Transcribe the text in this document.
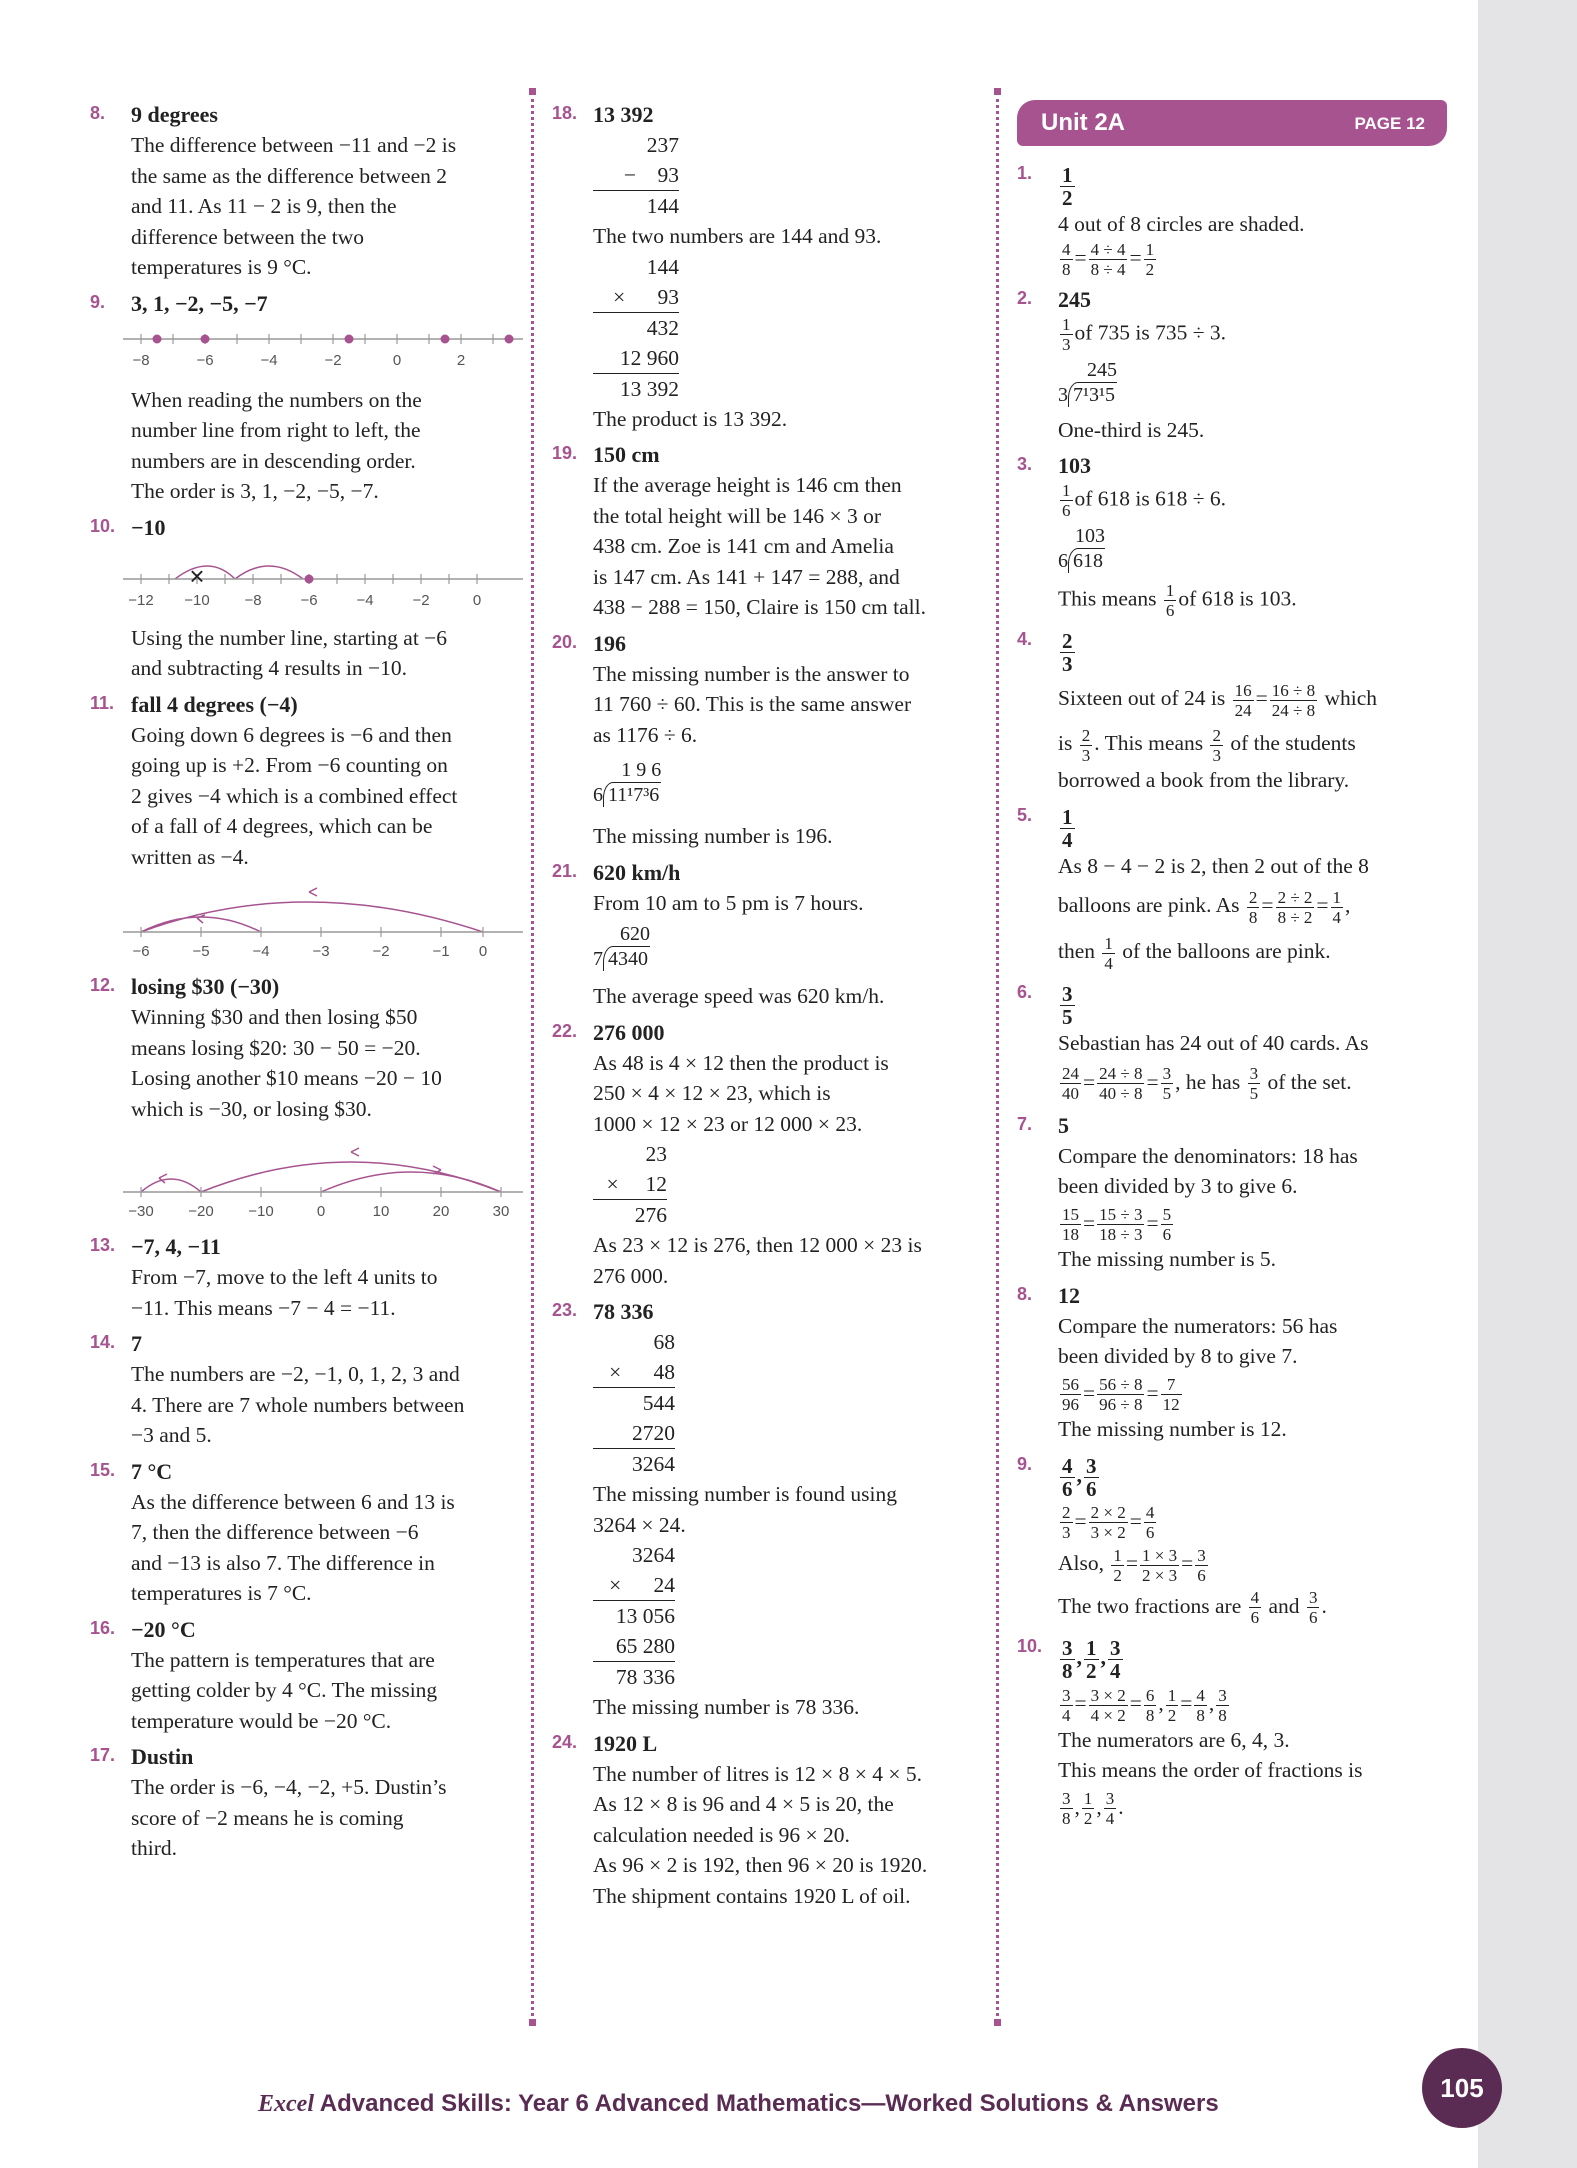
8. 9 degrees
The difference between −11 and −2 is
the same as the difference between 2
and 11. As 11 − 2 is 9, then the
difference between the two
temperatures is 9 °C.
9. 3, 1, −2, −5, −7
−8	−6	−4	−2	0	2
When reading the numbers on the
number line from right to left, the
numbers are in descending order.
The order is 3, 1, −2, −5, −7.
10. −10
×
−12 −10 −8	−6	−4	−2	0
Using the number line, starting at −6
and subtracting 4 results in −10.
11. fall 4 degrees (−4)
Going down 6 degrees is −6 and then
going up is +2. From −6 counting on
2 gives −4 which is a combined effect
of a fall of 4 degrees, which can be
written as −4.
−6	−5	−4	−3	−2	−1 0
12. losing $30 (−30)
Winning $30 and then losing $50
means losing $20: 30 − 50 = −20.
Losing another $10 means −20 − 10
which is −30, or losing $30.
−30 −20 −10	0	10	20	30
13. −7, 4, −11
From −7, move to the left 4 units to
−11. This means −7 − 4 = −11.
14. 7
The numbers are −2, −1, 0, 1, 2, 3 and
4. There are 7 whole numbers between
−3 and 5.
15. 7 °C
As the difference between 6 and 13 is
7, then the difference between −6
and −13 is also 7. The difference in
temperatures is 7 °C.
16. −20 °C
The pattern is temperatures that are
getting colder by 4 °C. The missing
temperature would be −20 °C.
17. Dustin
The order is −6, −4, −2, +5. Dustin’s
score of −2 means he is coming
third.
18. 13 392
237
−    93
144
The two numbers are 144 and 93.
144
×      93
432
12 960
13 392
The product is 13 392.
19. 150 cm
If the average height is 146 cm then
the total height will be 146 × 3 or
438 cm. Zoe is 141 cm and Amelia
is 147 cm. As 141 + 147 = 288, and
438 − 288 = 150, Claire is 150 cm tall.
20. 196
The missing number is the answer to
11 760 ÷ 60. This is the same answer
as 1176 ÷ 6.
1 9 6
6 11¹7³6
The missing number is 196.
21. 620 km/h
From 10 am to 5 pm is 7 hours.
620
7 4340
The average speed was 620 km/h.
22. 276 000
As 48 is 4 × 12 then the product is
250 × 4 × 12 × 23, which is
1000 × 12 × 23 or 12 000 × 23.
23
×     12
276
As 23 × 12 is 276, then 12 000 × 23 is
276 000.
23. 78 336
68
×      48
544
2720
3264
The missing number is found using
3264 × 24.
3264
×      24
13 056
65 280
78 336
The missing number is 78 336.
24. 1920 L
The number of litres is 12 × 8 × 4 × 5.
As 12 × 8 is 96 and 4 × 5 is 20, the
calculation needed is 96 × 20.
As 96 × 2 is 192, then 96 × 20 is 1920.
The shipment contains 1920 L of oil.
Unit 2A	PAGE 12
1. $\frac{1}{2}$
4 out of 8 circles are shaded.
$\frac{4}{8} = \frac{4 \div 4}{8 \div 4} = \frac{1}{2}$
2. 245
$\frac{1}{3}$ of 735 is 735 ÷ 3.
245
3 7¹3¹5
One-third is 245.
3. 103
$\frac{1}{6}$ of 618 is 618 ÷ 6.
103
6 618
This means $\frac{1}{6}$ of 618 is 103.
4. $\frac{2}{3}$
Sixteen out of 24 is $\frac{16}{24} = \frac{16 \div 8}{24 \div 8}$ which
is $\frac{2}{3}$ . This means $\frac{2}{3}$ of the students
borrowed a book from the library.
5. $\frac{1}{4}$
As 8 − 4 − 2 is 2, then 2 out of the 8
balloons are pink. As $\frac{2}{8} = \frac{2 \div 2}{8 \div 2} = \frac{1}{4}$ ,
then $\frac{1}{4}$ of the balloons are pink.
6. $\frac{3}{5}$
Sebastian has 24 out of 40 cards. As
$\frac{24}{40} = \frac{24 \div 8}{40 \div 8} = \frac{3}{5}$ , he has $\frac{3}{5}$ of the set.
7. 5
Compare the denominators: 18 has
been divided by 3 to give 6.
$\frac{15}{18} = \frac{15 \div 3}{18 \div 3} = \frac{5}{6}$
The missing number is 5.
8. 12
Compare the numerators: 56 has
been divided by 8 to give 7.
$\frac{56}{96} = \frac{56 \div 8}{96 \div 8} = \frac{7}{12}$
The missing number is 12.
9. $\frac{4}{6}$ , $\frac{3}{6}$
$\frac{2}{3} = \frac{2 \times 2}{3 \times 2} = \frac{4}{6}$
Also, $\frac{1}{2} = \frac{1 \times 3}{2 \times 3} = \frac{3}{6}$
The two fractions are $\frac{4}{6}$ and $\frac{3}{6}$ .
10. $\frac{3}{8}$ , $\frac{1}{2}$ , $\frac{3}{4}$
$\frac{3}{4} = \frac{3 \times 2}{4 \times 2} = \frac{6}{8}$ , $\frac{1}{2} = \frac{4}{8}$ , $\frac{3}{8}$
The numerators are 6, 4, 3.
This means the order of fractions is
$\frac{3}{8}$ , $\frac{1}{2}$ , $\frac{3}{4}$ .
Excel Advanced Skills: Year 6 Advanced Mathematics—Worked Solutions & Answers
105
